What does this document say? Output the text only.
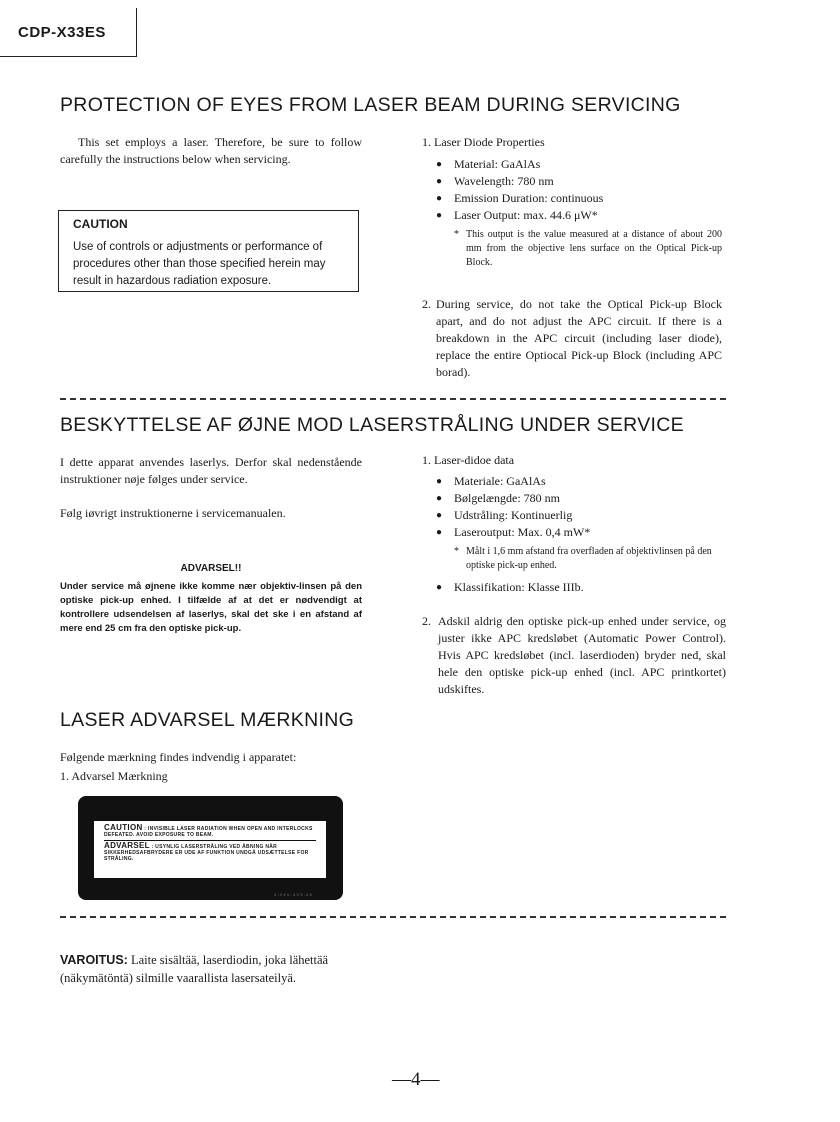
CDP-X33ES
PROTECTION OF EYES FROM LASER BEAM DURING SERVICING
This set employs a laser. Therefore, be sure to follow carefully the instructions below when servicing.
CAUTION
Use of controls or adjustments or performance of procedures other than those specified herein may result in hazardous radiation exposure.
1. Laser Diode Properties
● Material: GaAlAs
● Wavelength: 780 nm
● Emission Duration: continuous
● Laser Output: max. 44.6 μW*
* This output is the value measured at a distance of about 200 mm from the objective lens surface on the Optical Pick-up Block.
2. During service, do not take the Optical Pick-up Block apart, and do not adjust the APC circuit. If there is a breakdown in the APC circuit (including laser diode), replace the entire Optiocal Pick-up Block (including APC borad).
BESKYTTELSE AF ØJNE MOD LASERSTRÅLING UNDER SERVICE
I dette apparat anvendes laserlys. Derfor skal nedenstående instruktioner nøje følges under service.
Følg iøvrigt instruktionerne i servicemanualen.
ADVARSEL!!
Under service må øjnene ikke komme nær objektiv-linsen på den optiske pick-up enhed. I tilfælde af at det er nødvendigt at kontrollere udsendelsen af laserlys, skal det ske i en afstand af mere end 25 cm fra den optiske pick-up.
1. Laser-didoe data
● Materiale: GaAlAs
● Bølgelængde: 780 nm
● Udstråling: Kontinuerlig
● Laseroutput: Max. 0,4 mW*
* Målt i 1,6 mm afstand fra overfladen af objektivlinsen på den optiske pick-up enhed.
● Klassifikation: Klasse IIIb.
2. Adskil aldrig den optiske pick-up enhed under service, og juster ikke APC kredsløbet (Automatic Power Control). Hvis APC kredsløbet (incl. laserdioden) bryder ned, skal hele den optiske pick-up enhed (incl. APC printkortet) udskiftes.
LASER ADVARSEL MÆRKNING
Følgende mærkning findes indvendig i apparatet:
1. Advarsel Mærkning
CAUTION : INVISIBLE LASER RADIATION WHEN OPEN AND INTERLOCKS DEFEATED. AVOID EXPOSURE TO BEAM.
ADVARSEL : USYNLIG LASERSTRÅLING VED ÅBNING NÅR SIKKERHEDSAFBRYDERE ER UDE AF FUNKTION UNDGÅ UDSÆTTELSE FOR STRÅLING.
3-XXX-XXX-0X
VAROITUS: Laite sisältää, laserdiodin, joka lähettää (näkymätöntä) silmille vaarallista lasersateilyä.
—4—
